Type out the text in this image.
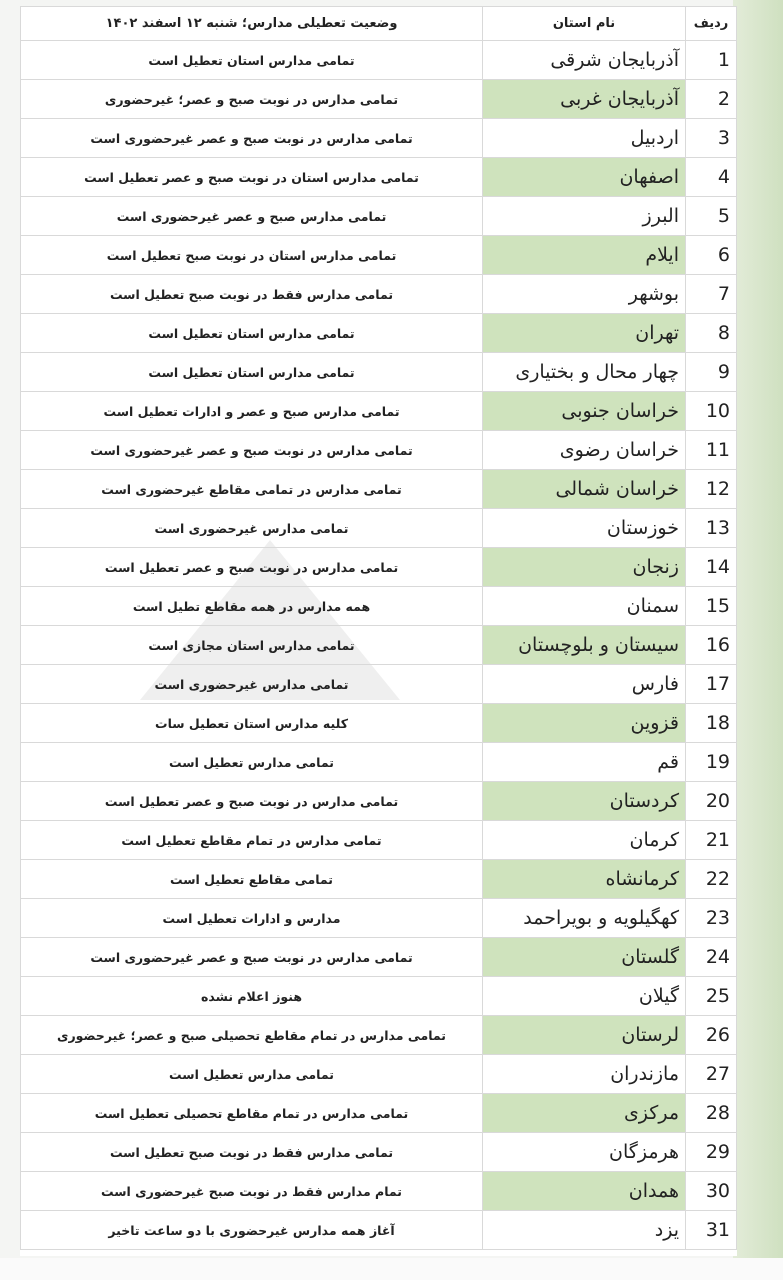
ردیف	نام استان	وضعیت تعطیلی مدارس؛ شنبه ۱۲ اسفند ۱۴۰۲
1	آذربایجان شرقی	تمامی مدارس استان تعطیل است
2	آذربایجان غربی	تمامی مدارس در نوبت صبح و عصر؛ غیرحضوری
3	اردبیل	تمامی مدارس در نوبت صبح و عصر غیرحضوری است
4	اصفهان	تمامی مدارس استان در نوبت صبح و عصر تعطیل است
5	البرز	تمامی مدارس صبح و عصر غیرحضوری است
6	ایلام	تمامی مدارس استان در نوبت صبح تعطیل است
7	بوشهر	تمامی مدارس فقط در نوبت صبح تعطیل است
8	تهران	تمامی مدارس استان تعطیل است
9	چهار محال و بختیاری	تمامی مدارس استان تعطیل است
10	خراسان جنوبی	تمامی مدارس صبح و عصر و ادارات تعطیل است
11	خراسان رضوی	تمامی مدارس در نوبت صبح و عصر غیرحضوری است
12	خراسان شمالی	تمامی مدارس در تمامی مقاطع غیرحضوری است
13	خوزستان	تمامی مدارس غیرحضوری است
14	زنجان	تمامی مدارس در نوبت صبح و عصر تعطیل است
15	سمنان	همه مدارس در همه مقاطع تطیل است
16	سیستان و بلوچستان	تمامی مدارس استان مجازی است
17	فارس	تمامی مدارس غیرحضوری است
18	قزوین	کلیه مدارس استان تعطیل سات
19	قم	تمامی مدارس تعطیل است
20	کردستان	تمامی مدارس در نوبت صبح و عصر تعطیل است
21	کرمان	تمامی مدارس در تمام مقاطع تعطیل است
22	کرمانشاه	تمامی مقاطع تعطیل است
23	کهگیلویه و بویراحمد	مدارس و ادارات تعطیل است
24	گلستان	تمامی مدارس در نوبت صبح و عصر غیرحضوری است
25	گیلان	هنوز اعلام نشده
26	لرستان	تمامی مدارس در تمام مقاطع تحصیلی صبح و عصر؛ غیرحضوری
27	مازندران	تمامی مدارس تعطیل است
28	مرکزی	تمامی مدارس در تمام مقاطع تحصیلی تعطیل است
29	هرمزگان	تمامی مدارس فقط در نوبت صبح تعطیل است
30	همدان	تمام مدارس فقط در نوبت صبح غیرحضوری است
31	یزد	آغاز همه مدارس غیرحضوری با دو ساعت تاخیر
